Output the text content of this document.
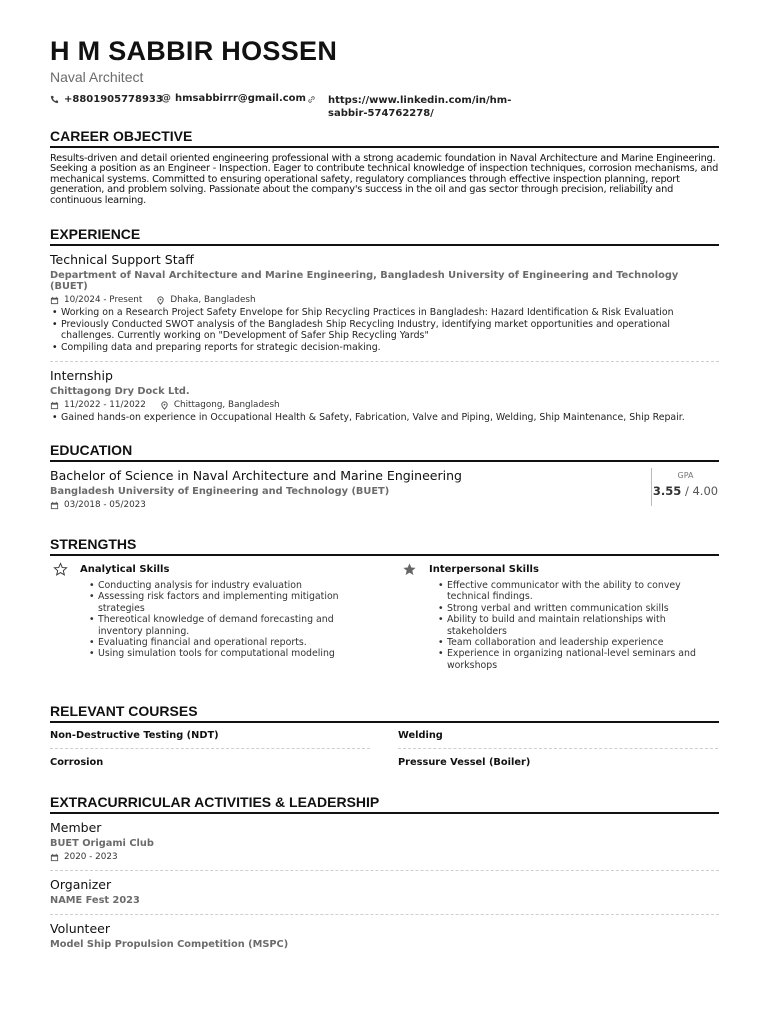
H M SABBIR HOSSEN
Naval Architect
+8801905778933
@ hmsabbirrr@gmail.com https://www.linkedin.com/in/hm-
sabbir-574762278/
CAREER OBJECTIVE
Results-driven and detail oriented engineering professional with a strong academic foundation in Naval Architecture and Marine Engineering. Seeking a position as an Engineer - Inspection. Eager to contribute technical knowledge of inspection techniques, corrosion mechanisms, and mechanical systems. Committed to ensuring operational safety, regulatory compliances through effective inspection planning, report generation, and problem solving. Passionate about the company's success in the oil and gas sector through precision, reliability and continuous learning.
EXPERIENCE
Technical Support Staff
Department of Naval Architecture and Marine Engineering, Bangladesh University of Engineering and Technology (BUET)
10/2024 - Present	Dhaka, Bangladesh
• Working on a Research Project Safety Envelope for Ship Recycling Practices in Bangladesh: Hazard Identification & Risk Evaluation
• Previously Conducted SWOT analysis of the Bangladesh Ship Recycling Industry, identifying market opportunities and operational challenges. Currently working on "Development of Safer Ship Recycling Yards"
• Compiling data and preparing reports for strategic decision-making.
Internship
Chittagong Dry Dock Ltd.
11/2022 - 11/2022	Chittagong, Bangladesh
• Gained hands-on experience in Occupational Health & Safety, Fabrication, Valve and Piping, Welding, Ship Maintenance, Ship Repair.
EDUCATION
Bachelor of Science in Naval Architecture and Marine Engineering
Bangladesh University of Engineering and Technology (BUET)
03/2018 - 05/2023
GPA
3.55 / 4.00
STRENGTHS
Analytical Skills
• Conducting analysis for industry evaluation
• Assessing risk factors and implementing mitigation strategies
• Thereotical knowledge of demand forecasting and inventory planning.
• Evaluating financial and operational reports.
• Using simulation tools for computational modeling
Interpersonal Skills
• Effective communicator with the ability to convey technical findings.
• Strong verbal and written communication skills
• Ability to build and maintain relationships with stakeholders
• Team collaboration and leadership experience
• Experience in organizing national-level seminars and workshops
RELEVANT COURSES
Non-Destructive Testing (NDT)	Welding
Corrosion	Pressure Vessel (Boiler)
EXTRACURRICULAR ACTIVITIES & LEADERSHIP
Member
BUET Origami Club
2020 - 2023
Organizer
NAME Fest 2023
Volunteer
Model Ship Propulsion Competition (MSPC)
